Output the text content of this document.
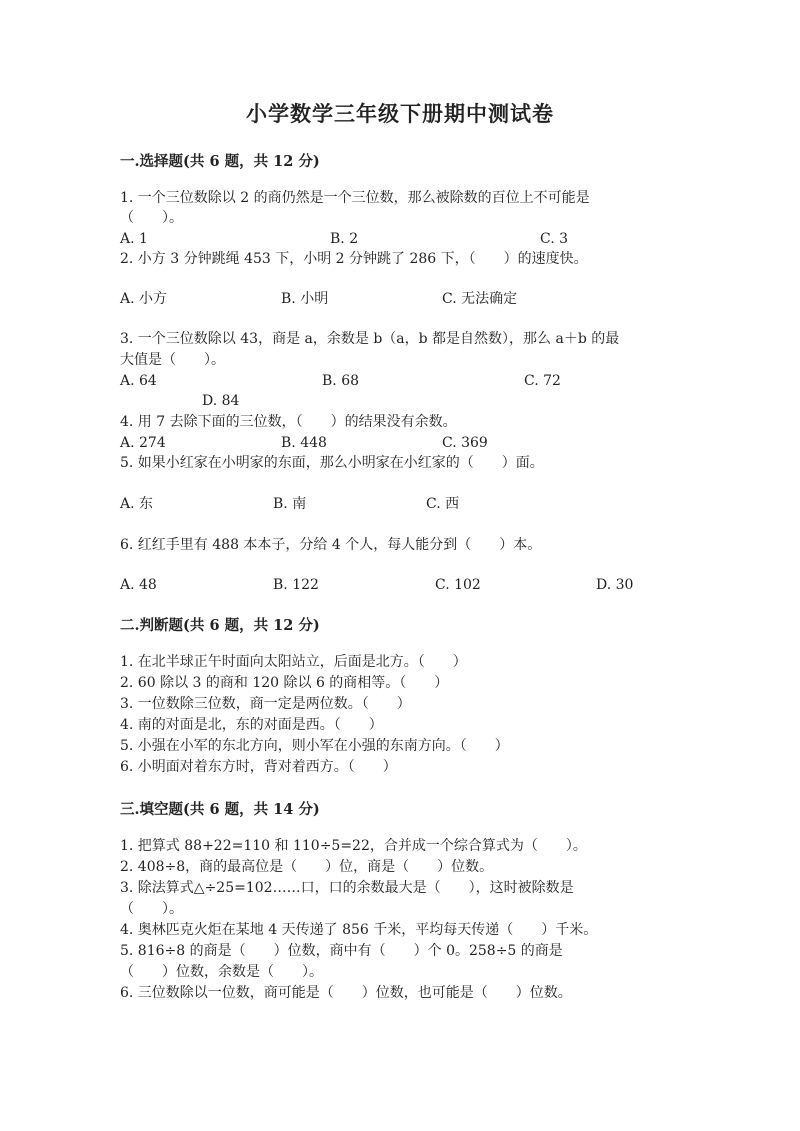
小学数学三年级下册期中测试卷
一.选择题(共 6 题，共 12 分)
1. 一个三位数除以 2 的商仍然是一个三位数，那么被除数的百位上不可能是
（　　）。
A. 1	B. 2	C. 3
2. 小方 3 分钟跳绳 453 下，小明 2 分钟跳了 286 下，（　　）的速度快。
A. 小方	B. 小明	C. 无法确定
3. 一个三位数除以 43，商是 a，余数是 b（a，b 都是自然数），那么 a＋b 的最
大值是（　　）。
A. 64	B. 68	C. 72
D. 84
4. 用 7 去除下面的三位数，（　　）的结果没有余数。
A. 274	B. 448	C. 369
5. 如果小红家在小明家的东面，那么小明家在小红家的（　　）面。
A. 东	B. 南	C. 西
6. 红红手里有 488 本本子，分给 4 个人，每人能分到（　　）本。
A. 48	B. 122	C. 102	D. 30
二.判断题(共 6 题，共 12 分)
1. 在北半球正午时面向太阳站立，后面是北方。（　　）
2. 60 除以 3 的商和 120 除以 6 的商相等。（　　）
3. 一位数除三位数，商一定是两位数。（　　）
4. 南的对面是北，东的对面是西。（　　）
5. 小强在小军的东北方向，则小军在小强的东南方向。（　　）
6. 小明面对着东方时，背对着西方。（　　）
三.填空题(共 6 题，共 14 分)
1. 把算式 88+22=110 和 110÷5=22，合并成一个综合算式为（　　）。
2. 408÷8，商的最高位是（　　）位，商是（　　）位数。
3. 除法算式△÷25=102……口，口的余数最大是（　　），这时被除数是
（　　）。
4. 奥林匹克火炬在某地 4 天传递了 856 千米，平均每天传递（　　）千米。
5. 816÷8 的商是（　　）位数，商中有（　　）个 0。258÷5 的商是
（　　）位数，余数是（　　）。
6. 三位数除以一位数，商可能是（　　）位数，也可能是（　　）位数。
